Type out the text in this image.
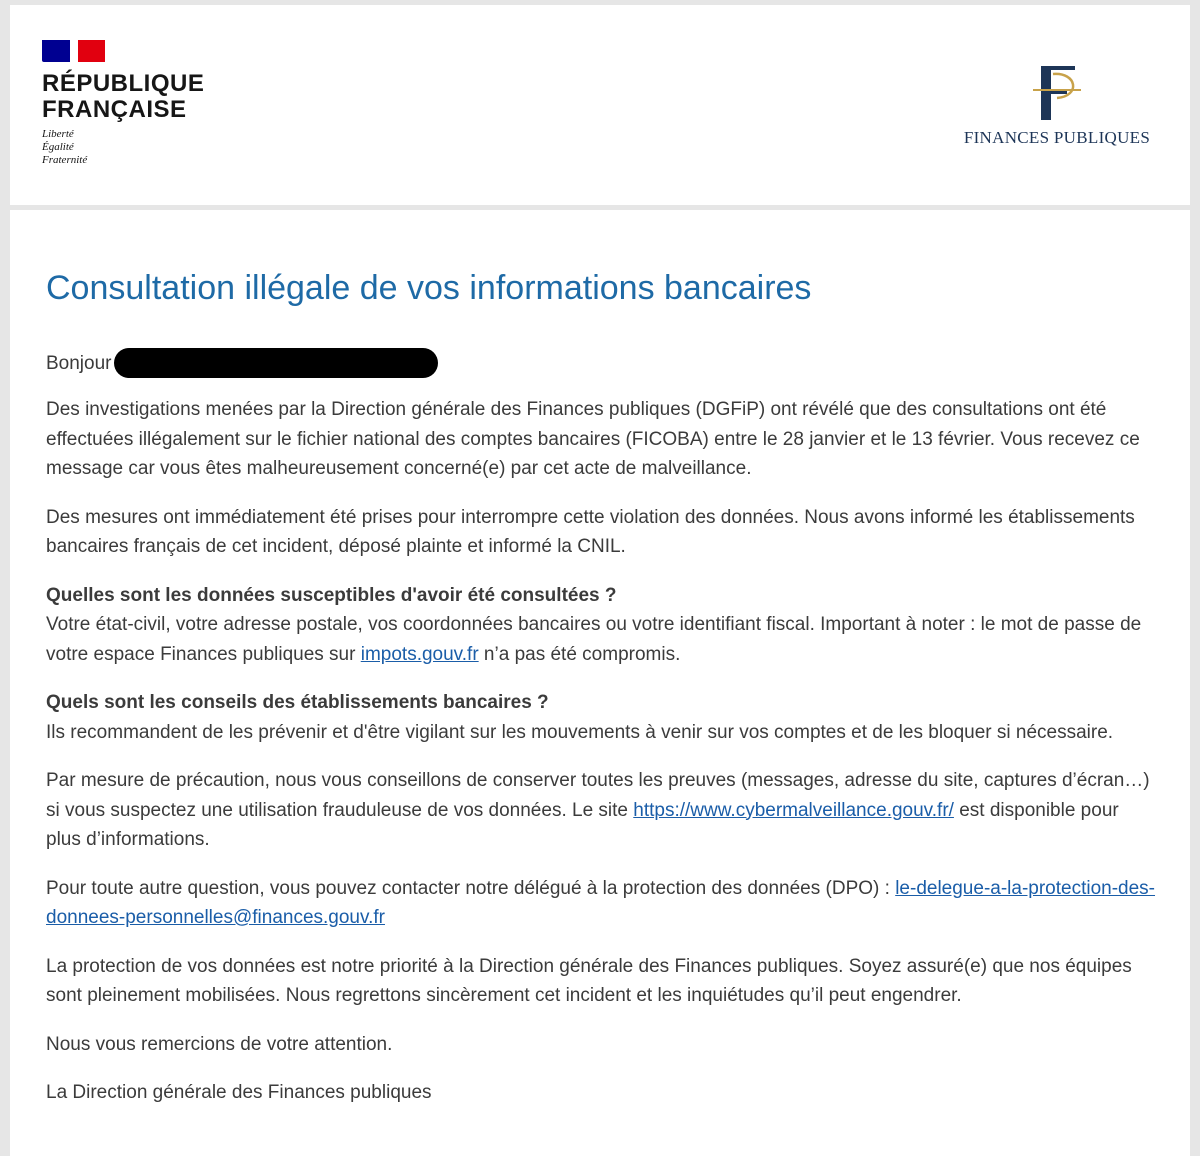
RÉPUBLIQUE
FRANÇAISE
Liberté
Égalité
Fraternité
FINANCES PUBLIQUES
Consultation illégale de vos informations bancaires
Bonjour

Des investigations menées par la Direction générale des Finances publiques (DGFiP) ont révélé que des consultations ont été effectuées illégalement sur le fichier national des comptes bancaires (FICOBA) entre le 28 janvier et le 13 février. Vous recevez ce message car vous êtes malheureusement concerné(e) par cet acte de malveillance.

Des mesures ont immédiatement été prises pour interrompre cette violation des données. Nous avons informé les établissements bancaires français de cet incident, déposé plainte et informé la CNIL.

Quelles sont les données susceptibles d'avoir été consultées ?
Votre état-civil, votre adresse postale, vos coordonnées bancaires ou votre identifiant fiscal. Important à noter : le mot de passe de votre espace Finances publiques sur impots.gouv.fr n’a pas été compromis.

Quels sont les conseils des établissements bancaires ?
Ils recommandent de les prévenir et d'être vigilant sur les mouvements à venir sur vos comptes et de les bloquer si nécessaire.

Par mesure de précaution, nous vous conseillons de conserver toutes les preuves (messages, adresse du site, captures d’écran…) si vous suspectez une utilisation frauduleuse de vos données. Le site https://www.cybermalveillance.gouv.fr/ est disponible pour plus d’informations.

Pour toute autre question, vous pouvez contacter notre délégué à la protection des données (DPO) : le-delegue-a-la-protection-des-donnees-personnelles@finances.gouv.fr

La protection de vos données est notre priorité à la Direction générale des Finances publiques. Soyez assuré(e) que nos équipes sont pleinement mobilisées. Nous regrettons sincèrement cet incident et les inquiétudes qu’il peut engendrer.

Nous vous remercions de votre attention.

La Direction générale des Finances publiques
